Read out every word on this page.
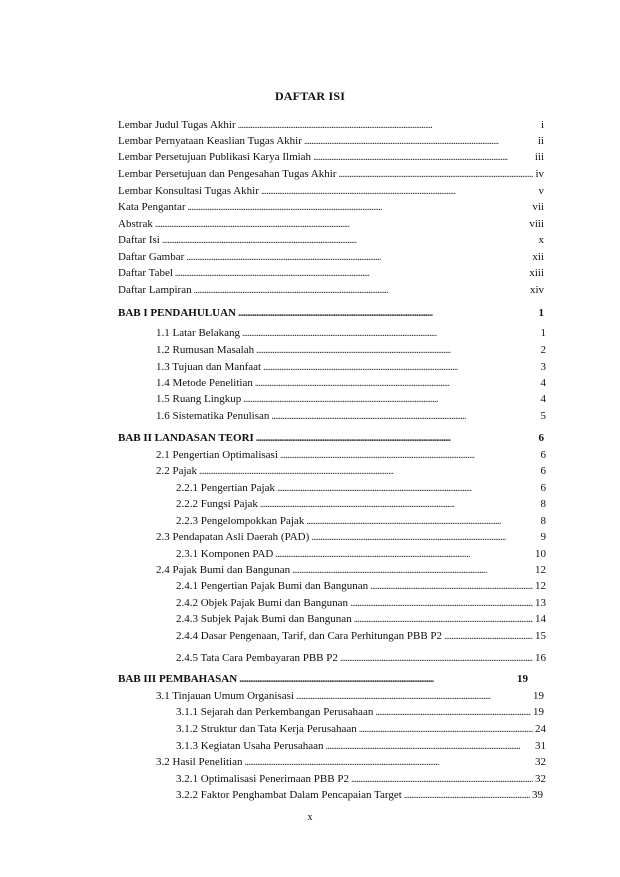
DAFTAR ISI
Lembar Judul Tugas Akhir . . .	i
Lembar Pernyataan Keaslian Tugas Akhir . . .	ii
Lembar Persetujuan Publikasi Karya Ilmiah . . .	iii
Lembar Persetujuan dan Pengesahan Tugas Akhir . . .	iv
Lembar Konsultasi Tugas Akhir . . .	v
Kata Pengantar . . .	vii
Abstrak . . .	viii
Daftar Isi . . .	x
Daftar Gambar . . .	xii
Daftar Tabel . . .	xiii
Daftar Lampiran . . .	xiv
BAB I PENDAHULUAN . . .	1
1.1 Latar Belakang . . .	1
1.2 Rumusan Masalah . . .	2
1.3 Tujuan dan Manfaat . . .	3
1.4 Metode Penelitian . . .	4
1.5 Ruang Lingkup . . .	4
1.6 Sistematika Penulisan . . .	5
BAB II LANDASAN TEORI . . .	6
2.1 Pengertian Optimalisasi . . .	6
2.2 Pajak . . .	6
2.2.1 Pengertian Pajak . . .	6
2.2.2 Fungsi Pajak . . .	8
2.2.3 Pengelompokkan Pajak . . .	8
2.3 Pendapatan Asli Daerah (PAD) . . .	9
2.3.1 Komponen PAD . . .	10
2.4 Pajak Bumi dan Bangunan . . .	12
2.4.1 Pengertian Pajak Bumi dan Bangunan . . .	12
2.4.2 Objek Pajak Bumi dan Bangunan . . .	13
2.4.3 Subjek Pajak Bumi dan Bangunan . . .	14
2.4.4 Dasar Pengenaan, Tarif, dan Cara Perhitungan PBB P2 . . .	15
2.4.5 Tata Cara Pembayaran PBB P2 . . .	16
BAB III PEMBAHASAN . . .	19
3.1 Tinjauan Umum Organisasi . . .	19
3.1.1 Sejarah dan Perkembangan Perusahaan . . .	19
3.1.2 Struktur dan Tata Kerja Perusahaan . . .	24
3.1.3 Kegiatan Usaha Perusahaan . . .	31
3.2 Hasil Penelitian . . .	32
3.2.1 Optimalisasi Penerimaan PBB P2 . . .	32
3.2.2 Faktor Penghambat Dalam Pencapaian Target . . .	39
x
